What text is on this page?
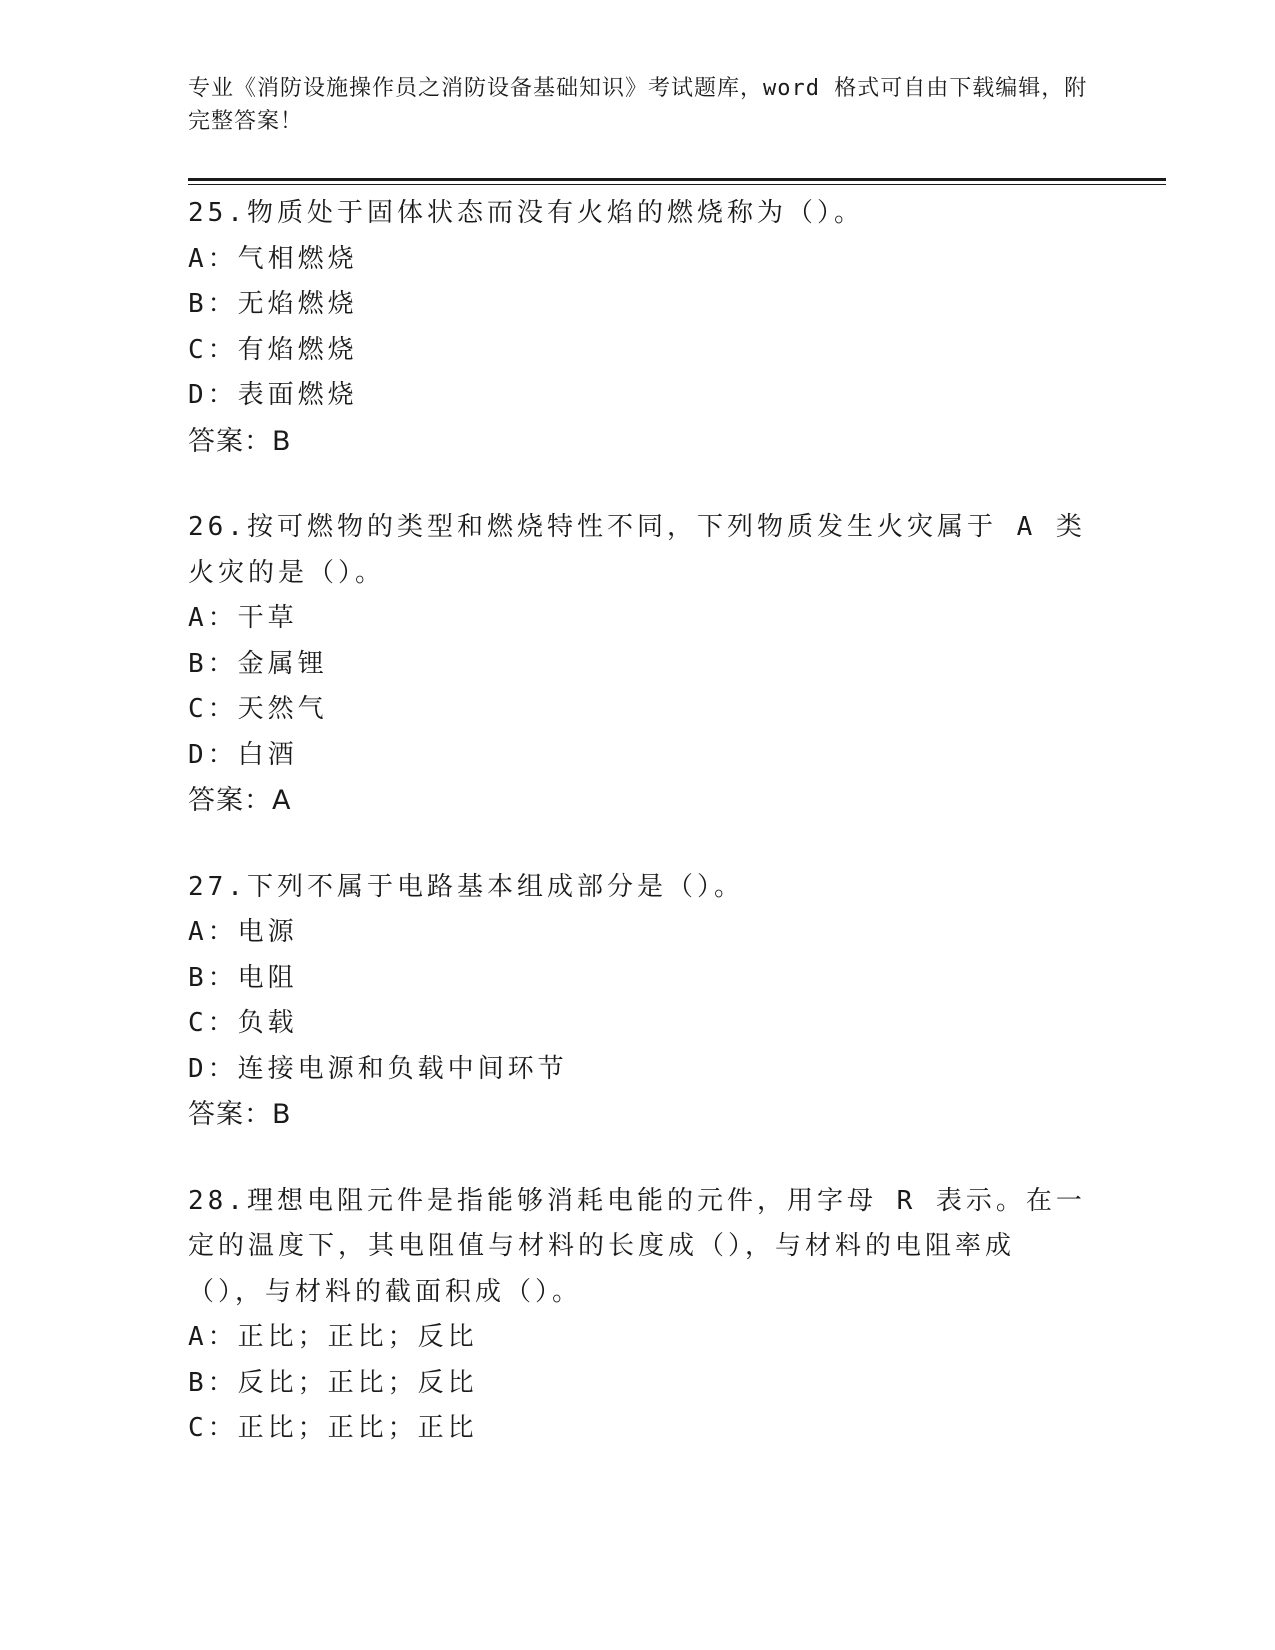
专业《消防设施操作员之消防设备基础知识》考试题库，word 格式可自由下载编辑，附完整答案！
25.物质处于固体状态而没有火焰的燃烧称为（）。
A：气相燃烧
B：无焰燃烧
C：有焰燃烧
D：表面燃烧
答案：B
26.按可燃物的类型和燃烧特性不同，下列物质发生火灾属于 A 类火灾的是（）。
A：干草
B：金属锂
C：天然气
D：白酒
答案：A
27.下列不属于电路基本组成部分是（）。
A：电源
B：电阻
C：负载
D：连接电源和负载中间环节
答案：B
28.理想电阻元件是指能够消耗电能的元件，用字母 R 表示。在一定的温度下，其电阻值与材料的长度成（），与材料的电阻率成（），与材料的截面积成（）。
A：正比；正比；反比
B：反比；正比；反比
C：正比；正比；正比
